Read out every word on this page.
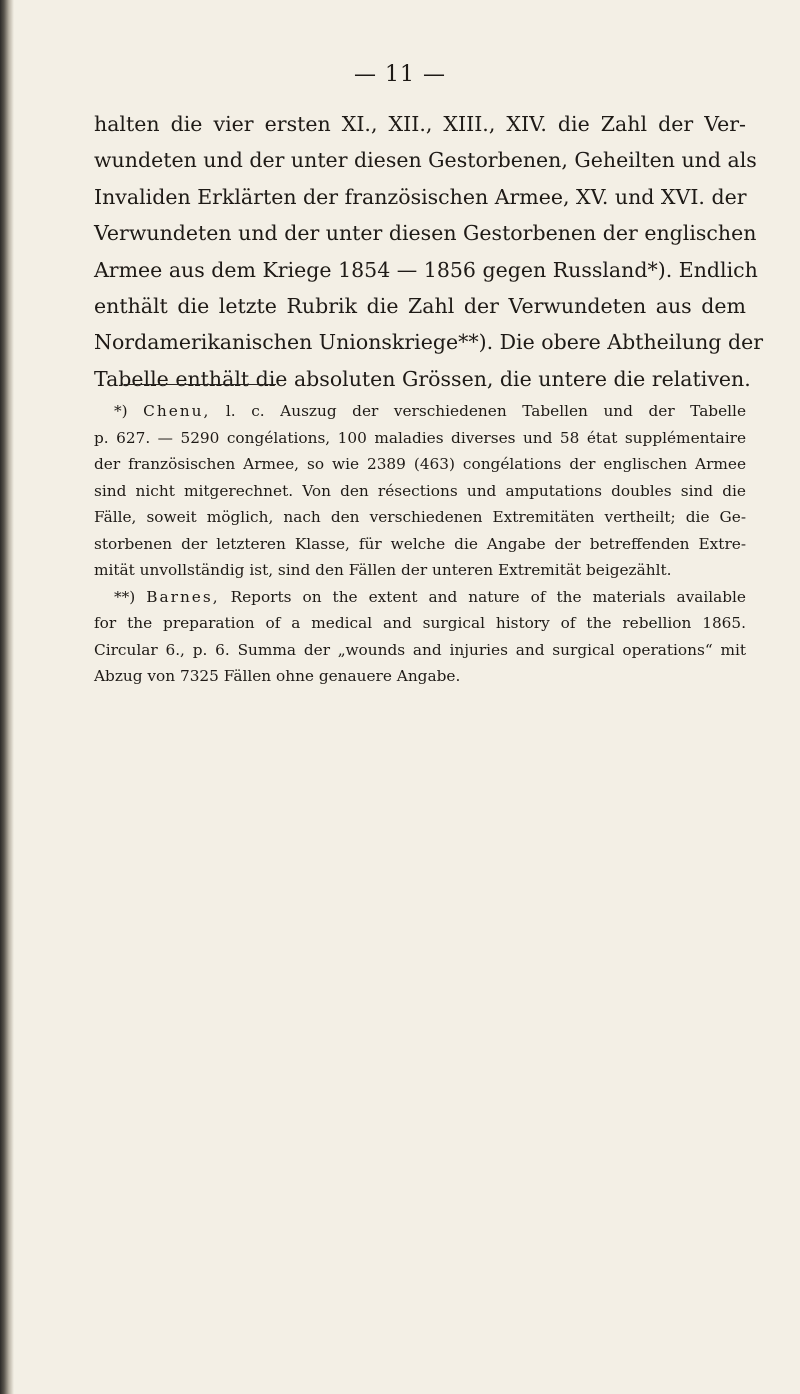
— 11 —
halten die vier ersten XI., XII., XIII., XIV. die Zahl der Ver-
wundeten und der unter diesen Gestorbenen, Geheilten und als
Invaliden Erklärten der französischen Armee, XV. und XVI. der
Verwundeten und der unter diesen Gestorbenen der englischen
Armee aus dem Kriege 1854 — 1856 gegen Russland*). Endlich
enthält die letzte Rubrik die Zahl der Verwundeten aus dem
Nordamerikanischen Unionskriege**). Die obere Abtheilung der
Tabelle enthält die absoluten Grössen, die untere die relativen.
*) Chenu, l. c. Auszug der verschiedenen Tabellen und der Tabelle
p. 627. — 5290 congélations, 100 maladies diverses und 58 état supplémentaire
der französischen Armee, so wie 2389 (463) congélations der englischen Armee
sind nicht mitgerechnet. Von den résections und amputations doubles sind die
Fälle, soweit möglich, nach den verschiedenen Extremitäten vertheilt; die Ge-
storbenen der letzteren Klasse, für welche die Angabe der betreffenden Extre-
mität unvollständig ist, sind den Fällen der unteren Extremität beigezählt.
**) Barnes, Reports on the extent and nature of the materials available
for the preparation of a medical and surgical history of the rebellion 1865.
Circular 6., p. 6. Summa der „wounds and injuries and surgical operations“ mit
Abzug von 7325 Fällen ohne genauere Angabe.
